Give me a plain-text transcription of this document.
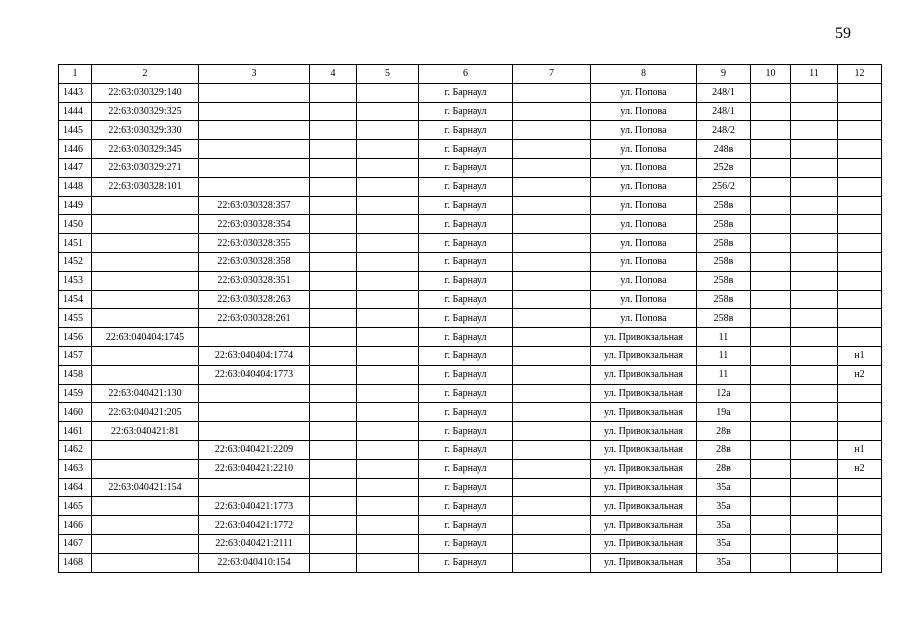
59
1	2	3	4	5	6	7	8	9	10	11	12
1443	22:63:030329:140				г. Барнаул		ул. Попова	248/1			
1444	22:63:030329:325				г. Барнаул		ул. Попова	248/1			
1445	22:63:030329:330				г. Барнаул		ул. Попова	248/2			
1446	22:63:030329:345				г. Барнаул		ул. Попова	248в			
1447	22:63:030329:271				г. Барнаул		ул. Попова	252в			
1448	22:63:030328:101				г. Барнаул		ул. Попова	256/2			
1449		22:63:030328:357			г. Барнаул		ул. Попова	258в			
1450		22:63:030328:354			г. Барнаул		ул. Попова	258в			
1451		22:63:030328:355			г. Барнаул		ул. Попова	258в			
1452		22:63:030328:358			г. Барнаул		ул. Попова	258в			
1453		22:63:030328:351			г. Барнаул		ул. Попова	258в			
1454		22:63:030328:263			г. Барнаул		ул. Попова	258в			
1455		22:63:030328:261			г. Барнаул		ул. Попова	258в			
1456	22:63:040404:1745				г. Барнаул		ул. Привокзальная	11			
1457		22:63:040404:1774			г. Барнаул		ул. Привокзальная	11			н1
1458		22:63:040404:1773			г. Барнаул		ул. Привокзальная	11			н2
1459	22:63:040421:130				г. Барнаул		ул. Привокзальная	12а			
1460	22:63:040421:205				г. Барнаул		ул. Привокзальная	19а			
1461	22:63:040421:81				г. Барнаул		ул. Привокзальная	28в			
1462		22:63:040421:2209			г. Барнаул		ул. Привокзальная	28в			н1
1463		22:63:040421:2210			г. Барнаул		ул. Привокзальная	28в			н2
1464	22:63:040421:154				г. Барнаул		ул. Привокзальная	35а			
1465		22:63:040421:1773			г. Барнаул		ул. Привокзальная	35а			
1466		22:63:040421:1772			г. Барнаул		ул. Привокзальная	35а			
1467		22:63:040421:2111			г. Барнаул		ул. Привокзальная	35а			
1468		22:63:040410:154			г. Барнаул		ул. Привокзальная	35а			
